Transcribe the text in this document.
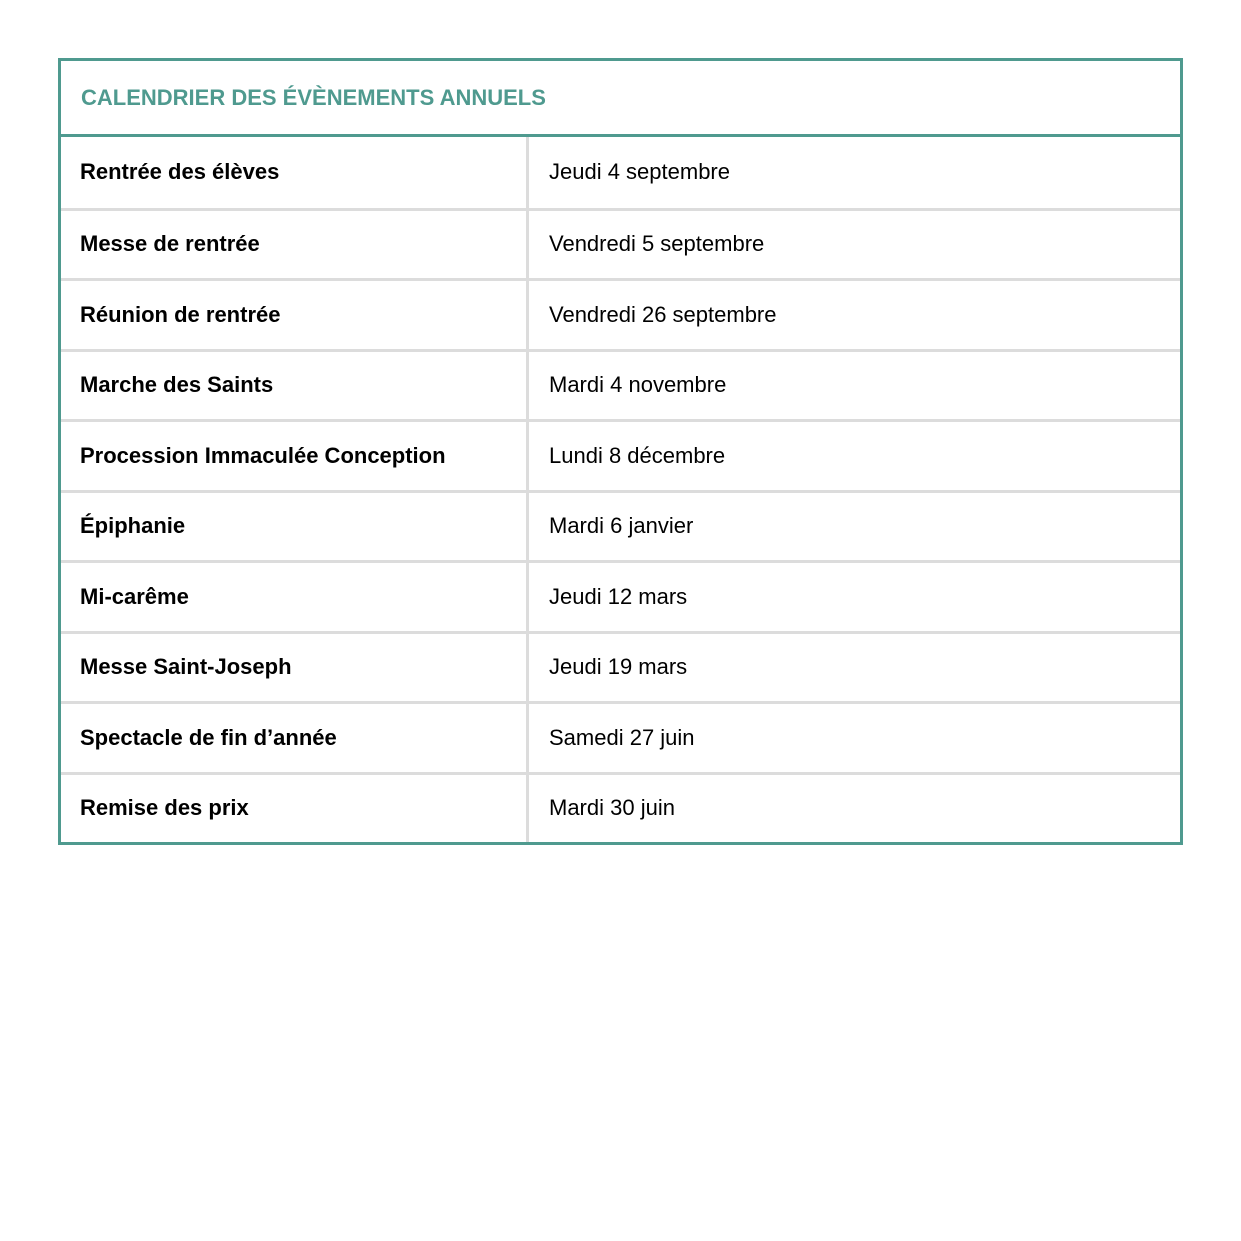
CALENDRIER DES ÉVÈNEMENTS ANNUELS
Rentrée des élèves	Jeudi 4 septembre
Messe de rentrée	Vendredi 5 septembre
Réunion de rentrée	Vendredi 26 septembre
Marche des Saints	Mardi 4 novembre
Procession Immaculée Conception	Lundi 8 décembre
Épiphanie	Mardi 6 janvier
Mi-carême	Jeudi 12 mars
Messe Saint-Joseph	Jeudi 19 mars
Spectacle de fin d’année	Samedi 27 juin
Remise des prix	Mardi 30 juin
